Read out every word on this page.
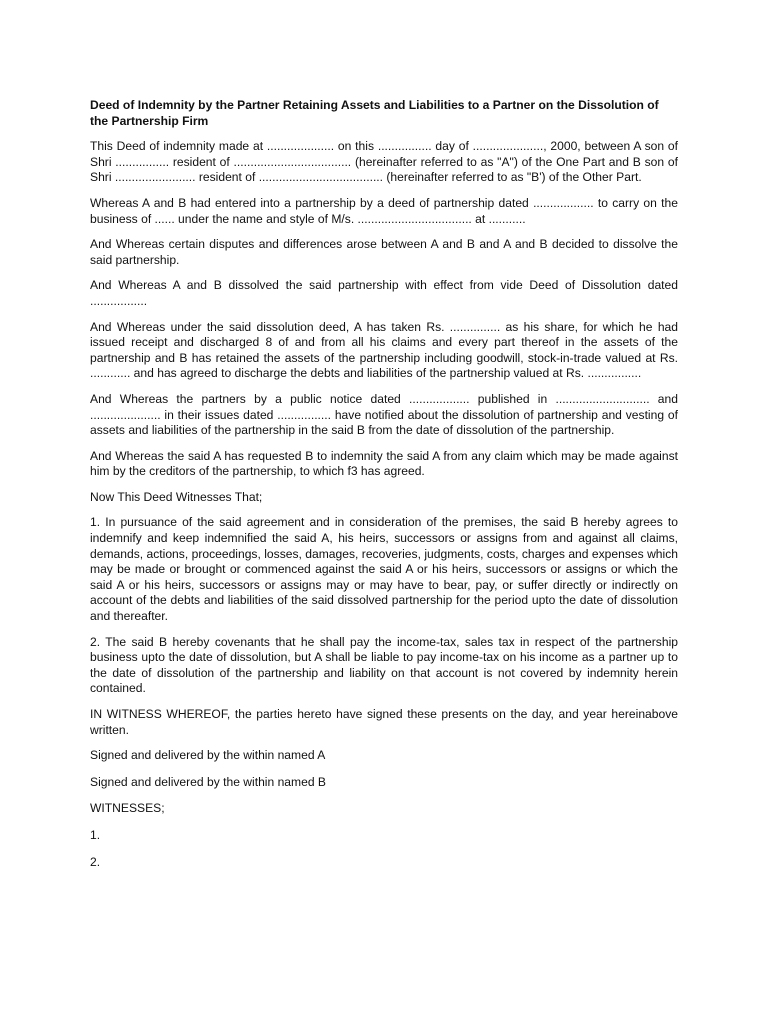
Deed of Indemnity by the Partner Retaining Assets and Liabilities to a Partner on the Dissolution of the Partnership Firm

This Deed of indemnity made at .................... on this ................ day of ....................., 2000, between A son of Shri ................ resident of ................................... (hereinafter referred to as "A") of the One Part and B son of Shri ........................ resident of ..................................... (hereinafter referred to as "B') of the Other Part.

Whereas A and B had entered into a partnership by a deed of partnership dated .................. to carry on the business of ...... under the name and style of M/s. .................................. at ...........

And Whereas certain disputes and differences arose between A and B and A and B decided to dissolve the said partnership.

And Whereas A and B dissolved the said partnership with effect from vide Deed of Dissolution dated .................

And Whereas under the said dissolution deed, A has taken Rs. ............... as his share, for which he had issued receipt and discharged 8 of and from all his claims and every part thereof in the assets of the partnership and B has retained the assets of the partnership including goodwill, stock-in-trade valued at Rs. ............ and has agreed to discharge the debts and liabilities of the partnership valued at Rs. ................

And Whereas the partners by a public notice dated .................. published in ............................ and ..................... in their issues dated ................ have notified about the dissolution of partnership and vesting of assets and liabilities of the partnership in the said B from the date of dissolution of the partnership.

And Whereas the said A has requested B to indemnity the said A from any claim which may be made against him by the creditors of the partnership, to which f3 has agreed.

Now This Deed Witnesses That;

1. In pursuance of the said agreement and in consideration of the premises, the said B hereby agrees to indemnify and keep indemnified the said A, his heirs, successors or assigns from and against all claims, demands, actions, proceedings, losses, damages, recoveries, judgments, costs, charges and expenses which may be made or brought or commenced against the said A or his heirs, successors or assigns or which the said A or his heirs, successors or assigns may or may have to bear, pay, or suffer directly or indirectly on account of the debts and liabilities of the said dissolved partnership for the period upto the date of dissolution and thereafter.

2. The said B hereby covenants that he shall pay the income-tax, sales tax in respect of the partnership business upto the date of dissolution, but A shall be liable to pay income-tax on his income as a partner up to the date of dissolution of the partnership and liability on that account is not covered by indemnity herein contained.

IN WITNESS WHEREOF, the parties hereto have signed these presents on the day, and year hereinabove written.

Signed and delivered by the within named A

Signed and delivered by the within named B

WITNESSES;

1.

2.
